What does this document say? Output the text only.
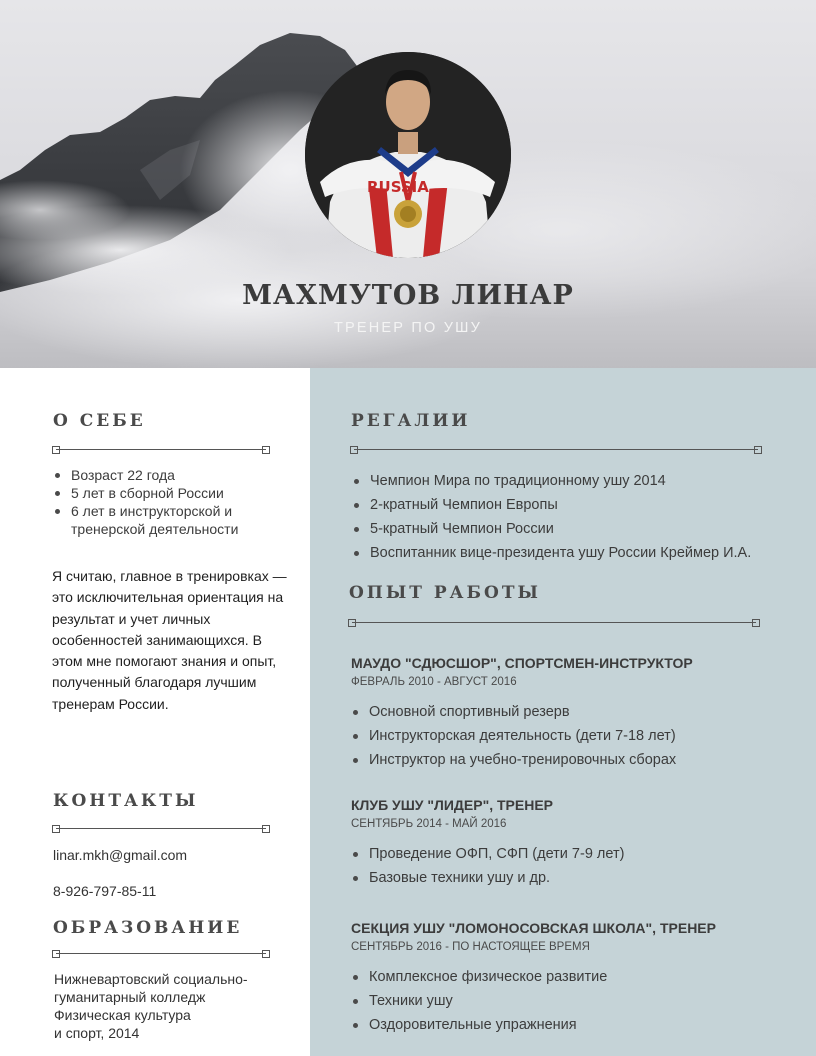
RUSSIA
МАХМУТОВ ЛИНАР
ТРЕНЕР ПО УШУ
О СЕБЕ
Возраст 22 года
5 лет в сборной России
6 лет в инструкторской и
тренерской деятельности
Я считаю, главное в тренировках — это исключительная ориентация на результат и учет личных особенностей занимающихся. В этом мне помогают знания и опыт, полученный благодаря лучшим тренерам России.
КОНТАКТЫ
linar.mkh@gmail.com
8-926-797-85-11
ОБРАЗОВАНИЕ
Нижневартовский социально-
гуманитарный колледж
Физическая культура
и спорт, 2014
РЕГАЛИИ
Чемпион Мира по традиционному ушу 2014
2-кратный Чемпион Европы
5-кратный Чемпион России
Воспитанник вице-президента ушу России Креймер И.А.
ОПЫТ РАБОТЫ
МАУДО "СДЮСШОР", СПОРТСМЕН-ИНСТРУКТОР
ФЕВРАЛЬ 2010 - АВГУСТ 2016
Основной спортивный резерв
Инструкторская деятельность (дети 7-18 лет)
Инструктор на учебно-тренировочных сборах
КЛУБ УШУ "ЛИДЕР", ТРЕНЕР
СЕНТЯБРЬ 2014 - МАЙ 2016
Проведение ОФП, СФП (дети 7-9 лет)
Базовые техники ушу и др.
СЕКЦИЯ УШУ "ЛОМОНОСОВСКАЯ ШКОЛА", ТРЕНЕР
СЕНТЯБРЬ 2016 - ПО НАСТОЯЩЕЕ ВРЕМЯ
Комплексное физическое развитие
Техники ушу
Оздоровительные упражнения
